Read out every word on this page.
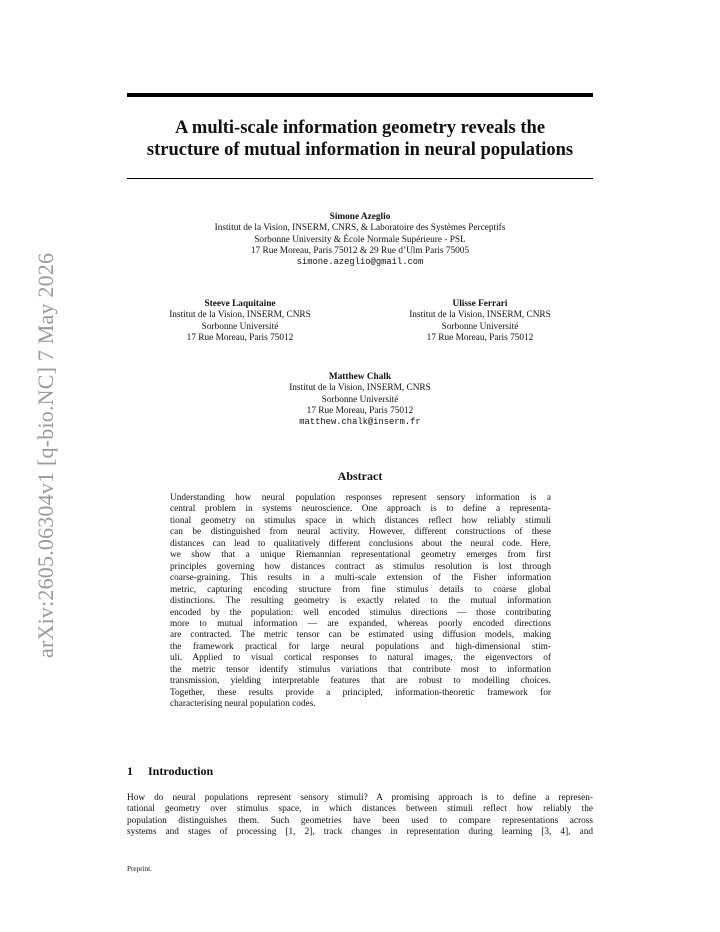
arXiv:2605.06304v1 [q-bio.NC] 7 May 2026
A multi-scale information geometry reveals the
structure of mutual information in neural populations
Simone Azeglio
Institut de la Vision, INSERM, CNRS, & Laboratoire des Systèmes Perceptifs
Sorbonne University & École Normale Supérieure - PSL
17 Rue Moreau, Paris 75012 & 29 Rue d’Ulm Paris 75005
simone.azeglio@gmail.com
Steeve Laquitaine
Institut de la Vision, INSERM, CNRS
Sorbonne Université
17 Rue Moreau, Paris 75012
Ulisse Ferrari
Institut de la Vision, INSERM, CNRS
Sorbonne Université
17 Rue Moreau, Paris 75012
Matthew Chalk
Institut de la Vision, INSERM, CNRS
Sorbonne Université
17 Rue Moreau, Paris 75012
matthew.chalk@inserm.fr
Abstract
Understanding how neural population responses represent sensory information is a
central problem in systems neuroscience. One approach is to define a representa-
tional geometry on stimulus space in which distances reflect how reliably stimuli
can be distinguished from neural activity. However, different constructions of these
distances can lead to qualitatively different conclusions about the neural code. Here,
we show that a unique Riemannian representational geometry emerges from first
principles governing how distances contract as stimulus resolution is lost through
coarse-graining. This results in a multi-scale extension of the Fisher information
metric, capturing encoding structure from fine stimulus details to coarse global
distinctions. The resulting geometry is exactly related to the mutual information
encoded by the population: well encoded stimulus directions — those contributing
more to mutual information — are expanded, whereas poorly encoded directions
are contracted. The metric tensor can be estimated using diffusion models, making
the framework practical for large neural populations and high-dimensional stim-
uli. Applied to visual cortical responses to natural images, the eigenvectors of
the metric tensor identify stimulus variations that contribute most to information
transmission, yielding interpretable features that are robust to modelling choices.
Together, these results provide a principled, information-theoretic framework for
characterising neural population codes.
1 Introduction
How do neural populations represent sensory stimuli? A promising approach is to define a represen-
tational geometry over stimulus space, in which distances between stimuli reflect how reliably the
population distinguishes them. Such geometries have been used to compare representations across
systems and stages of processing [1, 2], track changes in representation during learning [3, 4], and
Preprint.
